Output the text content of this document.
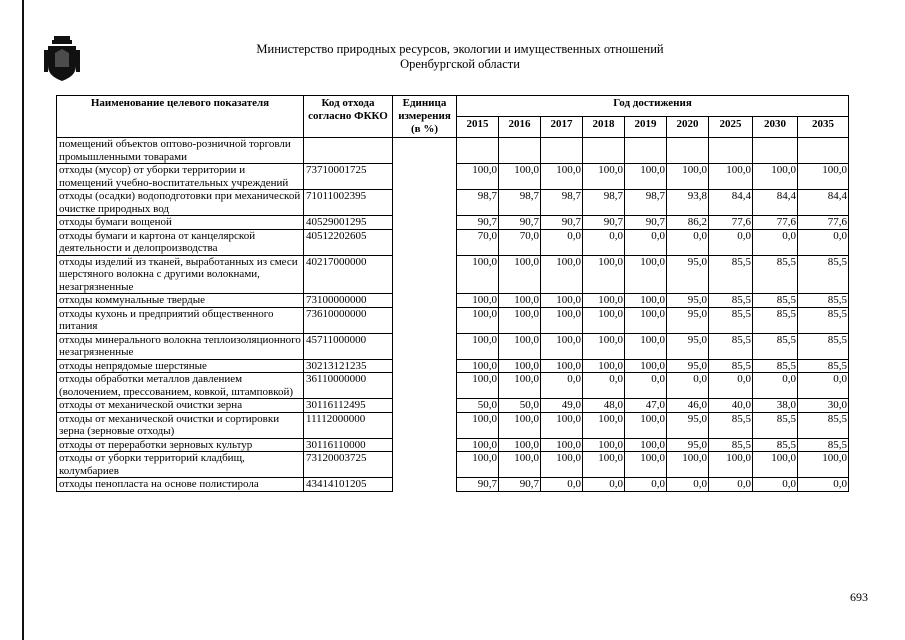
Министерство природных ресурсов, экологии и имущественных отношений
Оренбургской области
Наименование целевого показателя	Код отхода согласно ФККО	Единица измерения (в %)	Год достижения								
			2015	2016	2017	2018	2019	2020	2025	2030	2035
помещений объектов оптово-розничной торговли промышленными товарами											
отходы (мусор) от уборки территории и помещений учебно-воспитательных учреждений	73710001725		100,0	100,0	100,0	100,0	100,0	100,0	100,0	100,0	100,0
отходы (осадки) водоподготовки при механической очистке природных вод	71011002395		98,7	98,7	98,7	98,7	98,7	93,8	84,4	84,4	84,4
отходы бумаги вощеной	40529001295		90,7	90,7	90,7	90,7	90,7	86,2	77,6	77,6	77,6
отходы бумаги и картона от канцелярской деятельности и делопроизводства	40512202605		70,0	70,0	0,0	0,0	0,0	0,0	0,0	0,0	0,0
отходы изделий из тканей, выработанных из смеси шерстяного волокна с другими волокнами, незагрязненные	40217000000		100,0	100,0	100,0	100,0	100,0	95,0	85,5	85,5	85,5
отходы коммунальные твердые	73100000000		100,0	100,0	100,0	100,0	100,0	95,0	85,5	85,5	85,5
отходы кухонь и предприятий общественного питания	73610000000		100,0	100,0	100,0	100,0	100,0	95,0	85,5	85,5	85,5
отходы минерального волокна теплоизоляционного незагрязненные	45711000000		100,0	100,0	100,0	100,0	100,0	95,0	85,5	85,5	85,5
отходы непрядомые шерстяные	30213121235		100,0	100,0	100,0	100,0	100,0	95,0	85,5	85,5	85,5
отходы обработки металлов давлением (волочением, прессованием, ковкой, штамповкой)	36110000000		100,0	100,0	0,0	0,0	0,0	0,0	0,0	0,0	0,0
отходы от механической очистки зерна	30116112495		50,0	50,0	49,0	48,0	47,0	46,0	40,0	38,0	30,0
отходы от механической очистки и сортировки зерна (зерновые отходы)	11112000000		100,0	100,0	100,0	100,0	100,0	95,0	85,5	85,5	85,5
отходы от переработки зерновых культур	30116110000		100,0	100,0	100,0	100,0	100,0	95,0	85,5	85,5	85,5
отходы от уборки территорий кладбищ, колумбариев	73120003725		100,0	100,0	100,0	100,0	100,0	100,0	100,0	100,0	100,0
отходы пенопласта на основе полистирола	43414101205		90,7	90,7	0,0	0,0	0,0	0,0	0,0	0,0	0,0
693
